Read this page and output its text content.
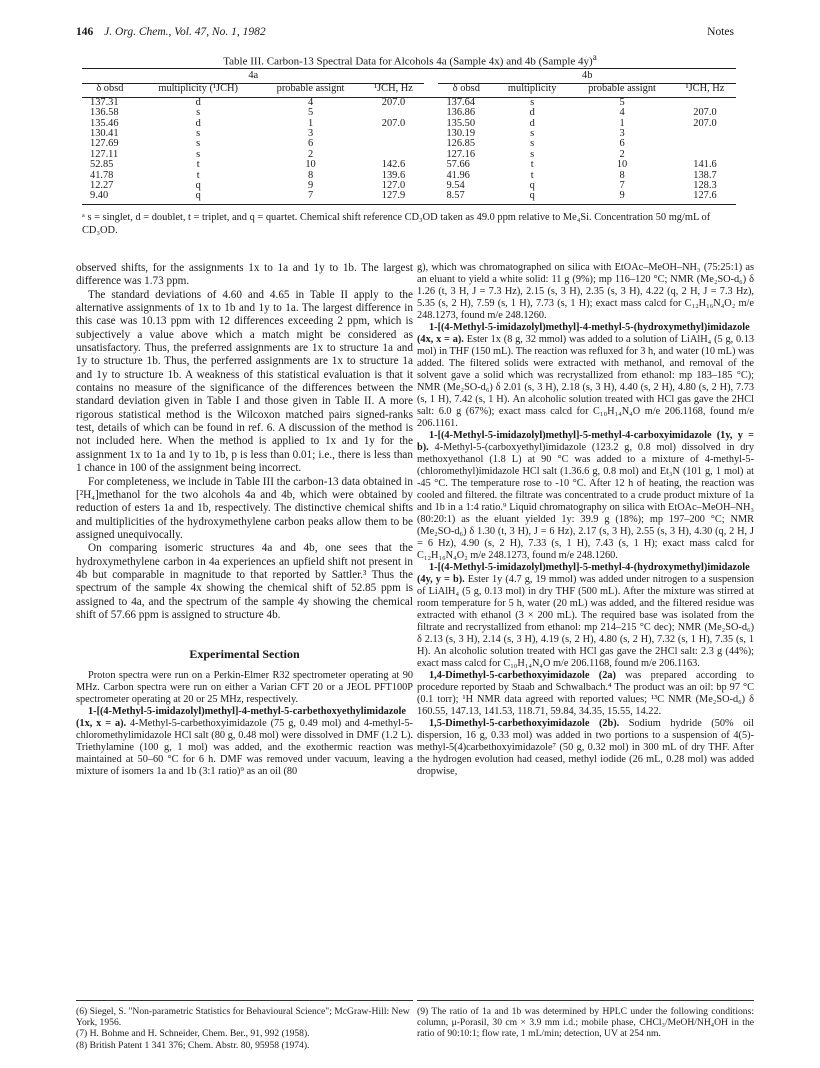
146 J. Org. Chem., Vol. 47, No. 1, 1982	Notes
Table III. Carbon-13 Spectral Data for Alcohols 4a (Sample 4x) and 4b (Sample 4y)$^a$
4a					4b			
δ obsd	multiplicity (¹JCH)	probable assignt	¹JCH, Hz		δ obsd	multiplicity	probable assignt	¹JCH, Hz
137.31	d	4	207.0		137.64	s	5	
136.58	s	5			136.86	d	4	207.0
135.46	d	1	207.0		135.50	d	1	207.0
130.41	s	3			130.19	s	3	
127.69	s	6			126.85	s	6	
127.11	s	2			127.16	s	2	
52.85	t	10	142.6		57.66	t	10	141.6
41.78	t	8	139.6		41.96	t	8	138.7
12.27	q	9	127.0		9.54	q	7	128.3
9.40	q	7	127.9		8.57	q	9	127.6
ᵃ s = singlet, d = doublet, t = triplet, and q = quartet. Chemical shift reference CD₃OD taken as 49.0 ppm relative to Me₄Si. Concentration 50 mg/mL of CD₃OD.

observed shifts, for the assignments 1x to 1a and 1y to 1b. The largest difference was 1.73 ppm.

The standard deviations of 4.60 and 4.65 in Table II apply to the alternative assignments of 1x to 1b and 1y to 1a. The largest difference in this case was 10.13 ppm with 12 differences exceeding 2 ppm, which is subjectively a value above which a match might be considered as unsatisfactory. Thus, the preferred assignments are 1x to structure 1a and 1y to structure 1b. Thus, the perferred assignments are 1x to structure 1a and 1y to structure 1b. A weakness of this statistical evaluation is that it contains no measure of the significance of the differences between the standard deviation given in Table I and those given in Table II. A more rigorous statistical method is the Wilcoxon matched pairs signed-ranks test, details of which can be found in ref. 6. A discussion of the method is not included here. When the method is applied to 1x and 1y for the assignment 1x to 1a and 1y to 1b, p is less than 0.01; i.e., there is less than 1 chance in 100 of the assignment being incorrect.

For completeness, we include in Table III the carbon-13 data obtained in [²H₄]methanol for the two alcohols 4a and 4b, which were obtained by reduction of esters 1a and 1b, respectively. The distinctive chemical shifts and multiplicities of the hydroxymethylene carbon peaks allow them to be assigned unequivocally.

On comparing isomeric structures 4a and 4b, one sees that the hydroxymethylene carbon in 4a experiences an upfield shift not present in 4b but comparable in magnitude to that reported by Sattler.³ Thus the spectrum of the sample 4x showing the chemical shift of 52.85 ppm is assigned to 4a, and the spectrum of the sample 4y showing the chemical shift of 57.66 ppm is assigned to structure 4b.

Experimental Section

Proton spectra were run on a Perkin-Elmer R32 spectrometer operating at 90 MHz. Carbon spectra were run on either a Varian CFT 20 or a JEOL PFT100P spectrometer operating at 20 or 25 MHz, respectively.

1-[(4-Methyl-5-imidazolyl)methyl]-4-methyl-5-carbethoxyethylimidazole (1x, x = a). 4-Methyl-5-carbethoxyimidazole (75 g, 0.49 mol) and 4-methyl-5-chloromethylimidazole HCl salt (80 g, 0.48 mol) were dissolved in DMF (1.2 L). Triethylamine (100 g, 1 mol) was added, and the exothermic reaction was maintained at 50–60 °C for 6 h. DMF was removed under vacuum, leaving a mixture of isomers 1a and 1b (3:1 ratio)⁹ as an oil (80

g), which was chromatographed on silica with EtOAc–MeOH–NH₃ (75:25:1) as an eluant to yield a white solid: 11 g (9%); mp 116–120 °C; NMR (Me₂SO-d₆) δ 1.26 (t, 3 H, J = 7.3 Hz), 2.15 (s, 3 H), 2.35 (s, 3 H), 4.22 (q, 2 H, J = 7.3 Hz), 5.35 (s, 2 H), 7.59 (s, 1 H), 7.73 (s, 1 H); exact mass calcd for C₁₂H₁₆N₄O₂ m/e 248.1273, found m/e 248.1260.

1-[(4-Methyl-5-imidazolyl)methyl]-4-methyl-5-(hydroxymethyl)imidazole (4x, x = a). Ester 1x (8 g, 32 mmol) was added to a solution of LiAlH₄ (5 g, 0.13 mol) in THF (150 mL). The reaction was refluxed for 3 h, and water (10 mL) was added. The filtered solids were extracted with methanol, and removal of the solvent gave a solid which was recrystallized from ethanol: mp 183–185 °C); NMR (Me₂SO-d₆) δ 2.01 (s, 3 H), 2.18 (s, 3 H), 4.40 (s, 2 H), 4.80 (s, 2 H), 7.73 (s, 1 H), 7.42 (s, 1 H). An alcoholic solution treated with HCl gas gave the 2HCl salt: 6.0 g (67%); exact mass calcd for C₁₀H₁₄N₄O m/e 206.1168, found m/e 206.1161.

1-[(4-Methyl-5-imidazolyl)methyl]-5-methyl-4-carboxyimidazole (1y, y = b). 4-Methyl-5-(carboxyethyl)imidazole (123.2 g, 0.8 mol) dissolved in dry methoxyethanol (1.8 L) at 90 °C was added to a mixture of 4-methyl-5-(chloromethyl)imidazole HCl salt (1.36.6 g, 0.8 mol) and Et₃N (101 g, 1 mol) at -45 °C. The temperature rose to -10 °C. After 12 h of heating, the reaction was cooled and filtered. the filtrate was concentrated to a crude product mixture of 1a and 1b in a 1:4 ratio.⁹ Liquid chromatography on silica with EtOAc–MeOH–NH₃ (80:20:1) as the eluant yielded 1y: 39.9 g (18%); mp 197–200 °C; NMR (Me₂SO-d₆) δ 1.30 (t, 3 H), J = 6 Hz), 2.17 (s, 3 H), 2.55 (s, 3 H), 4.30 (q, 2 H, J = 6 Hz), 4.90 (s, 2 H), 7.33 (s, 1 H), 7.43 (s, 1 H); exact mass calcd for C₁₂H₁₆N₄O₂ m/e 248.1273, found m/e 248.1260.

1-[(4-Methyl-5-imidazolyl)methyl]-5-methyl-4-(hydroxymethyl)imidazole (4y, y = b). Ester 1y (4.7 g, 19 mmol) was added under nitrogen to a suspension of LiAlH₄ (5 g, 0.13 mol) in dry THF (500 mL). After the mixture was stirred at room temperature for 5 h, water (20 mL) was added, and the filtered residue was extracted with ethanol (3 × 200 mL). The required base was isolated from the filtrate and recrystallized from ethanol: mp 214–215 °C dec); NMR (Me₂SO-d₆) δ 2.13 (s, 3 H), 2.14 (s, 3 H), 4.19 (s, 2 H), 4.80 (s, 2 H), 7.32 (s, 1 H), 7.35 (s, 1 H). An alcoholic solution treated with HCl gas gave the 2HCl salt: 2.3 g (44%); exact mass calcd for C₁₀H₁₄N₄O m/e 206.1168, found m/e 206.1163.

1,4-Dimethyl-5-carbethoxyimidazole (2a) was prepared according to procedure reported by Staab and Schwalbach.⁴ The product was an oil: bp 97 °C (0.1 torr); ¹H NMR data agreed with reported values; ¹³C NMR (Me₂SO-d₆) δ 160.55, 147.13, 141.53, 118.71, 59.84, 34.35, 15.55, 14.22.

1,5-Dimethyl-5-carbethoxyimidazole (2b). Sodium hydride (50% oil dispersion, 16 g, 0.33 mol) was added in two portions to a suspension of 4(5)-methyl-5(4)carbethoxyimidazole⁷ (50 g, 0.32 mol) in 300 mL of dry THF. After the hydrogen evolution had ceased, methyl iodide (26 mL, 0.28 mol) was added dropwise,

(6) Siegel, S. "Non-parametric Statistics for Behavioural Science"; McGraw-Hill: New York, 1956.
(7) H. Bohme and H. Schneider, Chem. Ber., 91, 992 (1958).
(8) British Patent 1 341 376; Chem. Abstr. 80, 95958 (1974).
(9) The ratio of 1a and 1b was determined by HPLC under the following conditions: column, μ-Porasil, 30 cm × 3.9 mm i.d.; mobile phase, CHCl₃/MeOH/NH₄OH in the ratio of 90:10:1; flow rate, 1 mL/min; detection, UV at 254 nm.
